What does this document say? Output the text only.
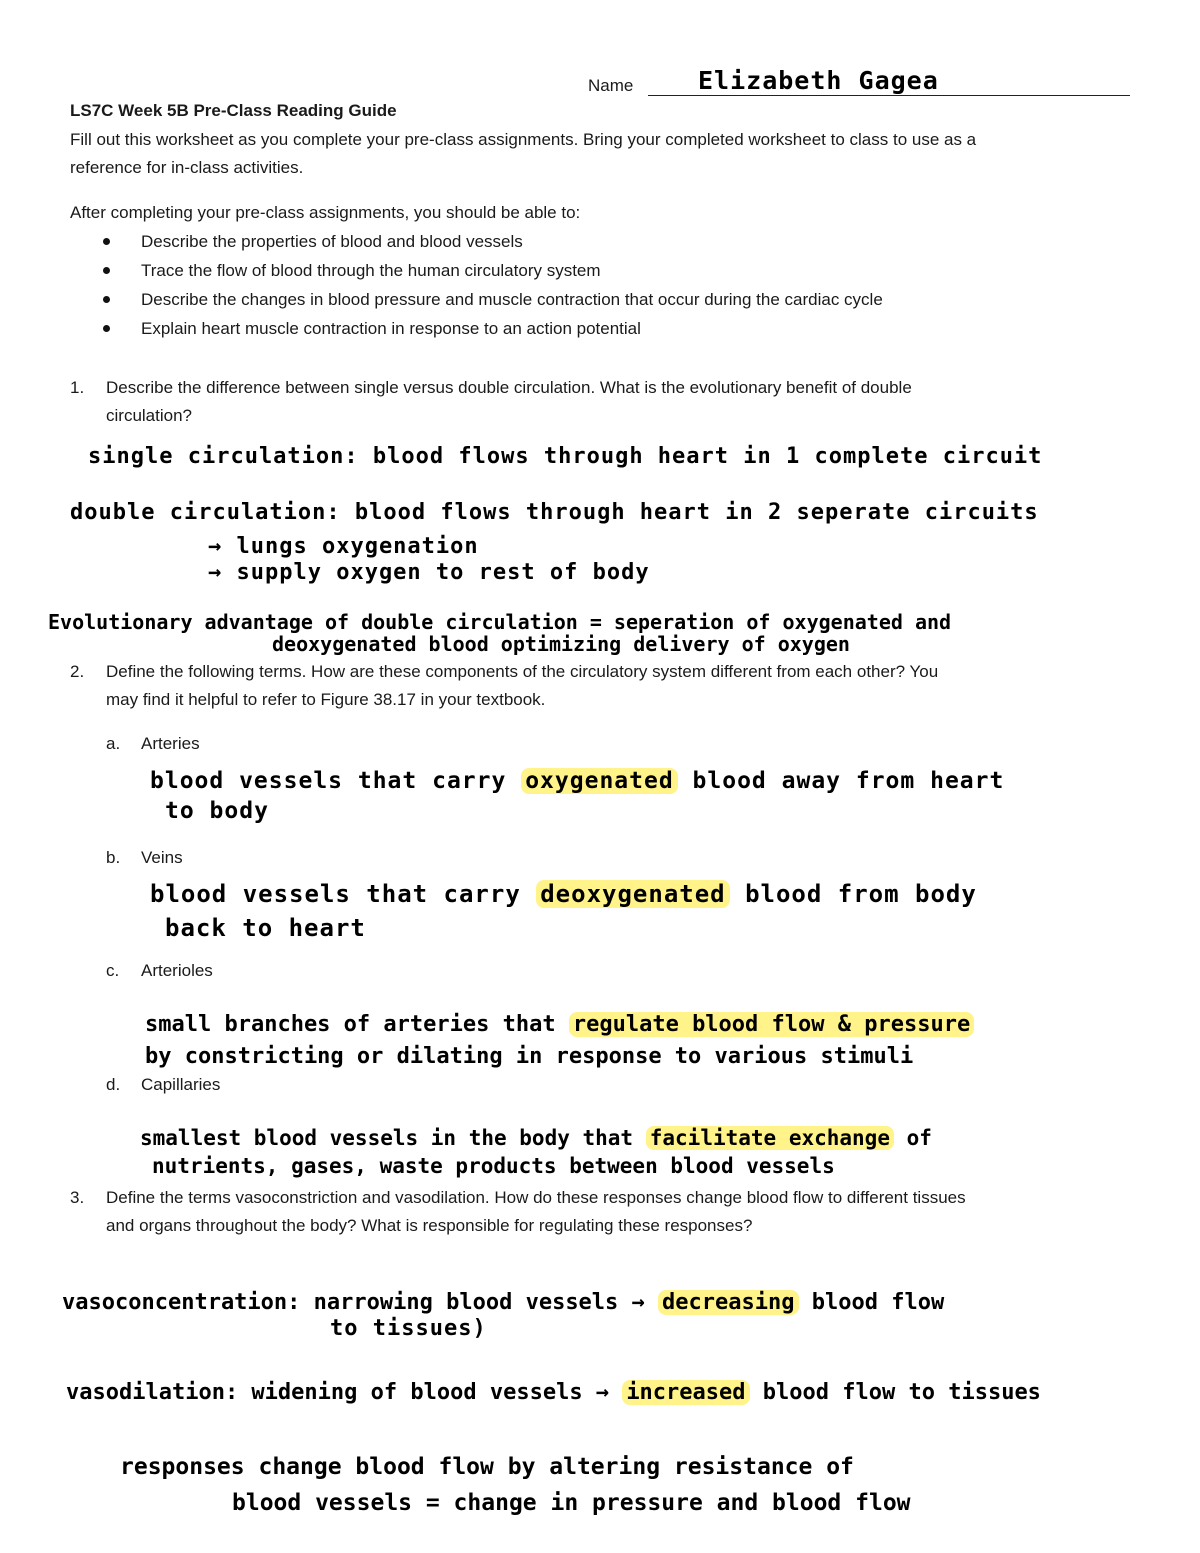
Name	Elizabeth Gagea
LS7C Week 5B Pre-Class Reading Guide
Fill out this worksheet as you complete your pre-class assignments. Bring your completed worksheet to class to use as a
reference for in-class activities.
After completing your pre-class assignments, you should be able to:
Describe the properties of blood and blood vessels
Trace the flow of blood through the human circulatory system
Describe the changes in blood pressure and muscle contraction that occur during the cardiac cycle
Explain heart muscle contraction in response to an action potential
1. Describe the difference between single versus double circulation. What is the evolutionary benefit of double
circulation?
single circulation: blood flows through heart in 1 complete circuit
double circulation: blood flows through heart in 2 seperate circuits
→ lungs oxygenation
→ supply oxygen to rest of body
Evolutionary advantage of double circulation = seperation of oxygenated and
deoxygenated blood optimizing delivery of oxygen
2. Define the following terms. How are these components of the circulatory system different from each other? You
may find it helpful to refer to Figure 38.17 in your textbook.
a. Arteries
blood vessels that carry oxygenated blood away from heart
to body
b. Veins
blood vessels that carry deoxygenated blood from body
back to heart
c. Arterioles
small branches of arteries that regulate blood flow & pressure
by constricting or dilating in response to various stimuli
d. Capillaries
smallest blood vessels in the body that facilitate exchange of
nutrients, gases, waste products between blood vessels
3. Define the terms vasoconstriction and vasodilation. How do these responses change blood flow to different tissues
and organs throughout the body? What is responsible for regulating these responses?
vasoconcentration: narrowing blood vessels → decreasing blood flow
to tissues)
vasodilation: widening of blood vessels → increased blood flow to tissues
responses change blood flow by altering resistance of
blood vessels = change in pressure and blood flow
